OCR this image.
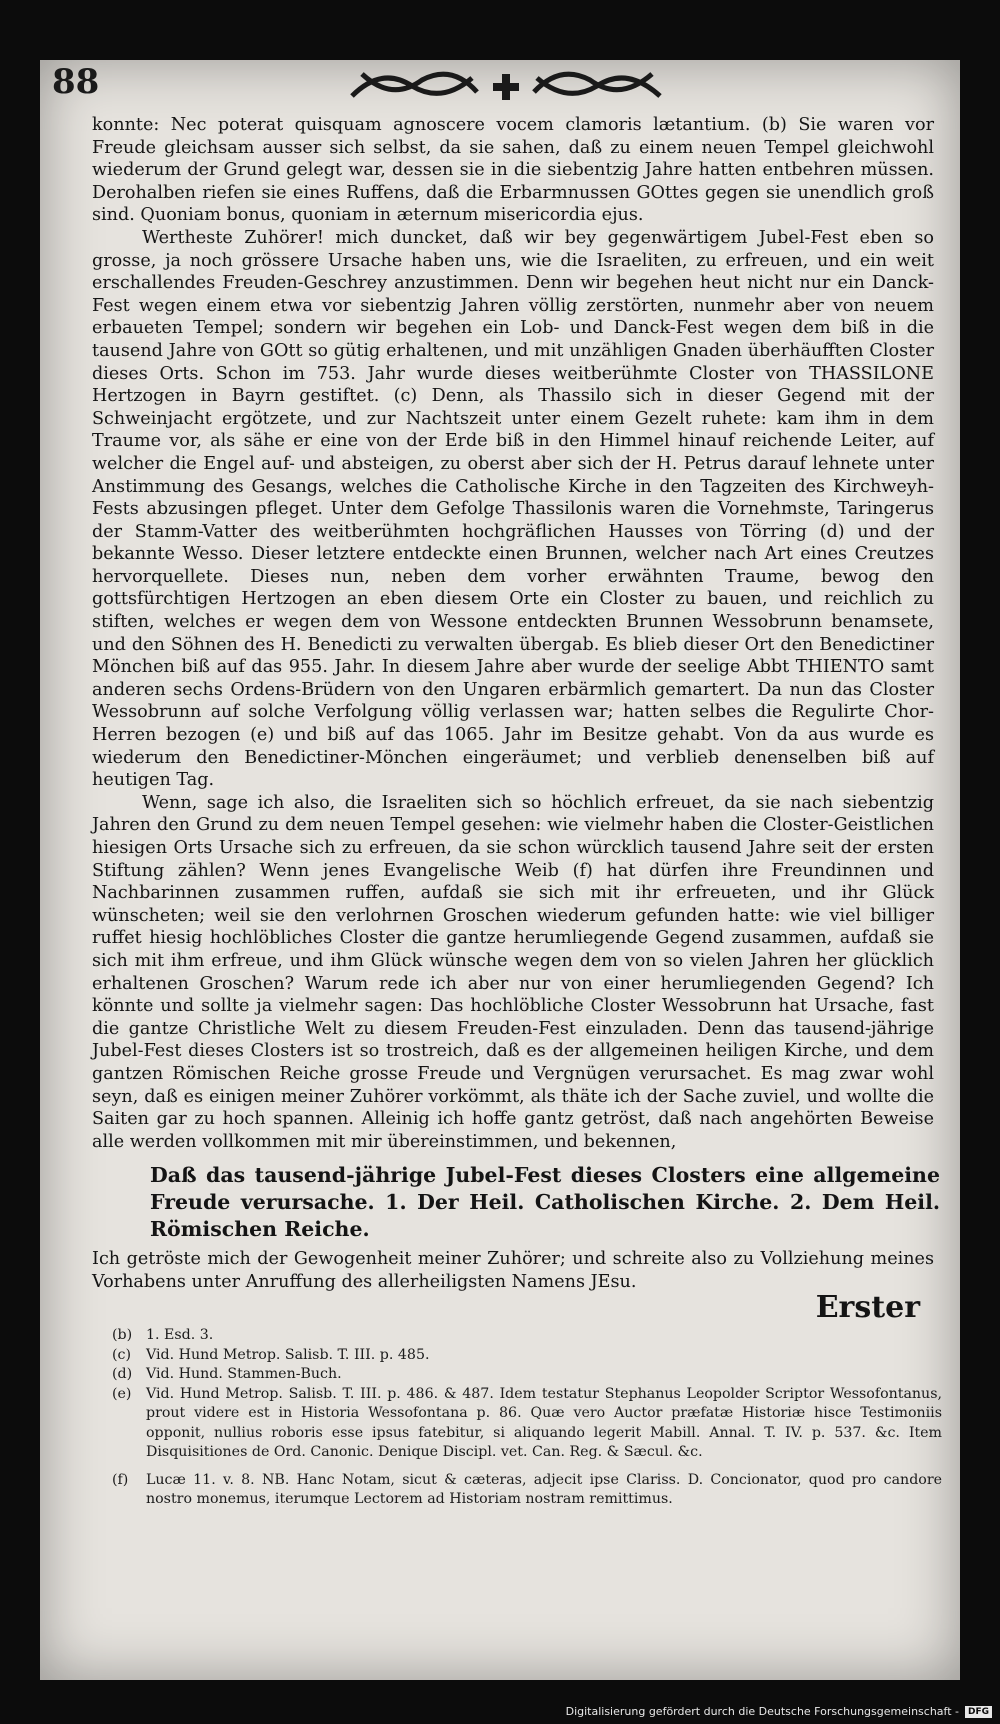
88

konnte: Nec poterat quisquam agnoscere vocem clamoris lætantium. (b) Sie waren vor Freude gleichsam ausser sich selbst, da sie sahen, daß zu einem neuen Tempel gleichwohl wiederum der Grund gelegt war, dessen sie in die siebentzig Jahre hatten entbehren müssen. Derohalben riefen sie eines Ruffens, daß die Erbarmnussen GOttes gegen sie unendlich groß sind. Quoniam bonus, quoniam in æternum misericordia ejus.

Wertheste Zuhörer! mich duncket, daß wir bey gegenwärtigem Jubel-Fest eben so grosse, ja noch grössere Ursache haben uns, wie die Israeliten, zu erfreuen, und ein weit erschallendes Freuden-Geschrey anzustimmen. Denn wir begehen heut nicht nur ein Danck-Fest wegen einem etwa vor siebentzig Jahren völlig zerstörten, nunmehr aber von neuem erbaueten Tempel; sondern wir begehen ein Lob- und Danck-Fest wegen dem biß in die tausend Jahre von GOtt so gütig erhaltenen, und mit unzähligen Gnaden überhäufften Closter dieses Orts. Schon im 753. Jahr wurde dieses weitberühmte Closter von THASSILONE Hertzogen in Bayrn gestiftet. (c) Denn, als Thassilo sich in dieser Gegend mit der Schweinjacht ergötzete, und zur Nachtszeit unter einem Gezelt ruhete: kam ihm in dem Traume vor, als sähe er eine von der Erde biß in den Himmel hinauf reichende Leiter, auf welcher die Engel auf- und absteigen, zu oberst aber sich der H. Petrus darauf lehnete unter Anstimmung des Gesangs, welches die Catholische Kirche in den Tagzeiten des Kirchweyh-Fests abzusingen pfleget. Unter dem Gefolge Thassilonis waren die Vornehmste, Taringerus der Stamm-Vatter des weitberühmten hochgräflichen Hausses von Törring (d) und der bekannte Wesso. Dieser letztere entdeckte einen Brunnen, welcher nach Art eines Creutzes hervorquellete. Dieses nun, neben dem vorher erwähnten Traume, bewog den gottsfürchtigen Hertzogen an eben diesem Orte ein Closter zu bauen, und reichlich zu stiften, welches er wegen dem von Wessone entdeckten Brunnen Wessobrunn benamsete, und den Söhnen des H. Benedicti zu verwalten übergab. Es blieb dieser Ort den Benedictiner Mönchen biß auf das 955. Jahr. In diesem Jahre aber wurde der seelige Abbt THIENTO samt anderen sechs Ordens-Brüdern von den Ungaren erbärmlich gemartert. Da nun das Closter Wessobrunn auf solche Verfolgung völlig verlassen war; hatten selbes die Regulirte Chor-Herren bezogen (e) und biß auf das 1065. Jahr im Besitze gehabt. Von da aus wurde es wiederum den Benedictiner-Mönchen eingeräumet; und verblieb denenselben biß auf heutigen Tag.

Wenn, sage ich also, die Israeliten sich so höchlich erfreuet, da sie nach siebentzig Jahren den Grund zu dem neuen Tempel gesehen: wie vielmehr haben die Closter-Geistlichen hiesigen Orts Ursache sich zu erfreuen, da sie schon würcklich tausend Jahre seit der ersten Stiftung zählen? Wenn jenes Evangelische Weib (f) hat dürfen ihre Freundinnen und Nachbarinnen zusammen ruffen, aufdaß sie sich mit ihr erfreueten, und ihr Glück wünscheten; weil sie den verlohrnen Groschen wiederum gefunden hatte: wie viel billiger ruffet hiesig hochlöbliches Closter die gantze herumliegende Gegend zusammen, aufdaß sie sich mit ihm erfreue, und ihm Glück wünsche wegen dem von so vielen Jahren her glücklich erhaltenen Groschen? Warum rede ich aber nur von einer herumliegenden Gegend? Ich könnte und sollte ja vielmehr sagen: Das hochlöbliche Closter Wessobrunn hat Ursache, fast die gantze Christliche Welt zu diesem Freuden-Fest einzuladen. Denn das tausend-jährige Jubel-Fest dieses Closters ist so trostreich, daß es der allgemeinen heiligen Kirche, und dem gantzen Römischen Reiche grosse Freude und Vergnügen verursachet. Es mag zwar wohl seyn, daß es einigen meiner Zuhörer vorkömmt, als thäte ich der Sache zuviel, und wollte die Saiten gar zu hoch spannen. Alleinig ich hoffe gantz getröst, daß nach angehörten Beweise alle werden vollkommen mit mir übereinstimmen, und bekennen,

Daß das tausend-jährige Jubel-Fest dieses Closters eine allgemeine Freude verursache. 1. Der Heil. Catholischen Kirche. 2. Dem Heil. Römischen Reiche.
Ich getröste mich der Gewogenheit meiner Zuhörer; und schreite also zu Vollziehung meines Vorhabens unter Anruffung des allerheiligsten Namens JEsu.
Erster

(b) 1. Esd. 3.

(c)	Vid. Hund Metrop. Salisb. T. III. p. 485.

(d) Vid. Hund. Stammen-Buch.

(e)	Vid. Hund Metrop. Salisb. T. III. p. 486. & 487. Idem testatur Stephanus Leopolder Scriptor Wessofontanus, prout videre est in Historia Wessofontana p. 86. Quæ vero Auctor præfatæ Historiæ hisce Testimoniis opponit, nullius roboris esse ipsus fatebitur, si aliquando legerit Mabill. Annal. T. IV. p. 537. &c. Item Disquisitiones de Ord. Canonic. Denique Discipl. vet. Can. Reg. & Sæcul. &c.

(f)	Lucæ 11. v. 8. NB. Hanc Notam, sicut & cæteras, adjecit ipse Clariss. D. Concionator, quod pro candore nostro monemus, iterumque Lectorem ad Historiam nostram remittimus.

Digitalisierung gefördert durch die Deutsche Forschungsgemeinschaft -	DFG
